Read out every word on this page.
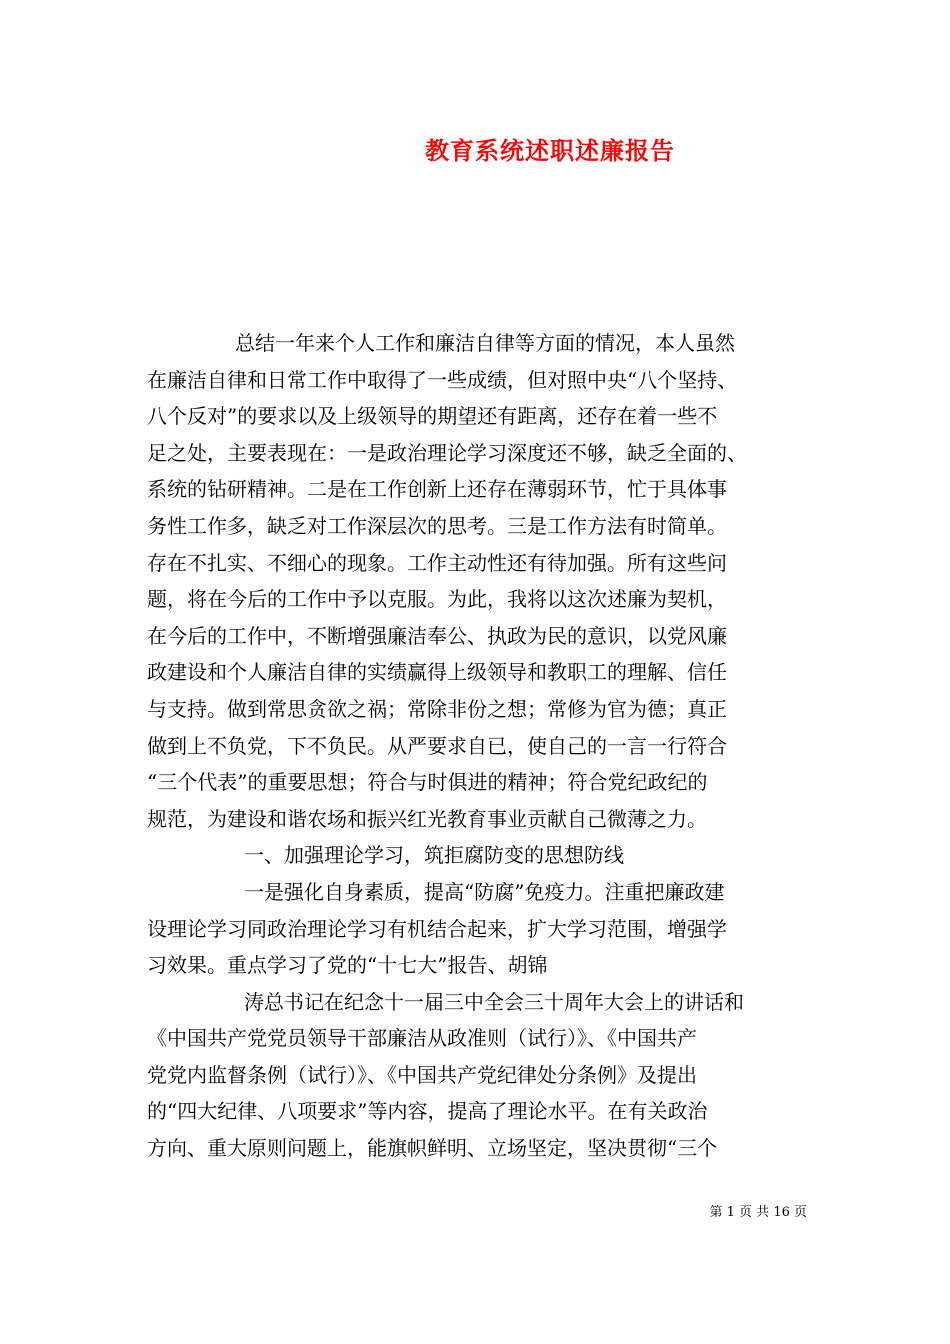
教育系统述职述廉报告
总结一年来个人工作和廉洁自律等方面的情况，本人虽然
在廉洁自律和日常工作中取得了一些成绩，但对照中央“八个坚持、
八个反对”的要求以及上级领导的期望还有距离，还存在着一些不
足之处，主要表现在：一是政治理论学习深度还不够，缺乏全面的、
系统的钻研精神。二是在工作创新上还存在薄弱环节，忙于具体事
务性工作多，缺乏对工作深层次的思考。三是工作方法有时简单。
存在不扎实、不细心的现象。工作主动性还有待加强。所有这些问
题，将在今后的工作中予以克服。为此，我将以这次述廉为契机，
在今后的工作中，不断增强廉洁奉公、执政为民的意识，以党风廉
政建设和个人廉洁自律的实绩赢得上级领导和教职工的理解、信任
与支持。做到常思贪欲之祸；常除非份之想；常修为官为德；真正
做到上不负党，下不负民。从严要求自已，使自己的一言一行符合
“三个代表”的重要思想；符合与时俱进的精神；符合党纪政纪的
规范，为建设和谐农场和振兴红光教育事业贡献自己微薄之力。
一、加强理论学习，筑拒腐防变的思想防线
一是强化自身素质，提高“防腐”免疫力。注重把廉政建
设理论学习同政治理论学习有机结合起来，扩大学习范围，增强学
习效果。重点学习了党的“十七大”报告、胡锦
涛总书记在纪念十一届三中全会三十周年大会上的讲话和
《中国共产党党员领导干部廉洁从政准则（试行）》、《中国共产
党党内监督条例（试行）》、《中国共产党纪律处分条例》及提出
的“四大纪律、八项要求”等内容，提高了理论水平。在有关政治
方向、重大原则问题上，能旗帜鲜明、立场坚定，坚决贯彻“三个
第 1 页 共 16 页
